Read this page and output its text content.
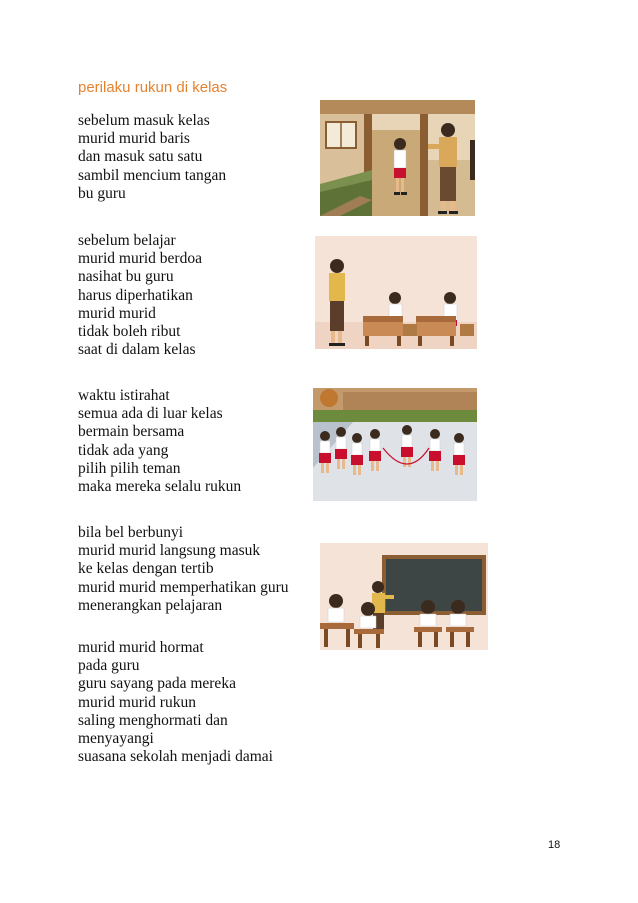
perilaku rukun di kelas
sebelum masuk kelas
murid murid baris
dan masuk satu satu
sambil mencium tangan
bu guru
sebelum belajar
murid murid berdoa
nasihat bu guru
harus diperhatikan
murid murid
tidak boleh ribut
saat di dalam kelas
waktu istirahat
semua ada di luar kelas
bermain bersama
tidak ada yang
pilih pilih teman
maka mereka selalu rukun
bila bel berbunyi
murid murid langsung masuk
ke kelas dengan tertib
murid murid memperhatikan guru
menerangkan pelajaran
murid murid hormat
pada guru
guru sayang pada mereka
murid murid rukun
saling menghormati dan
menyayangi
suasana sekolah menjadi damai
18
